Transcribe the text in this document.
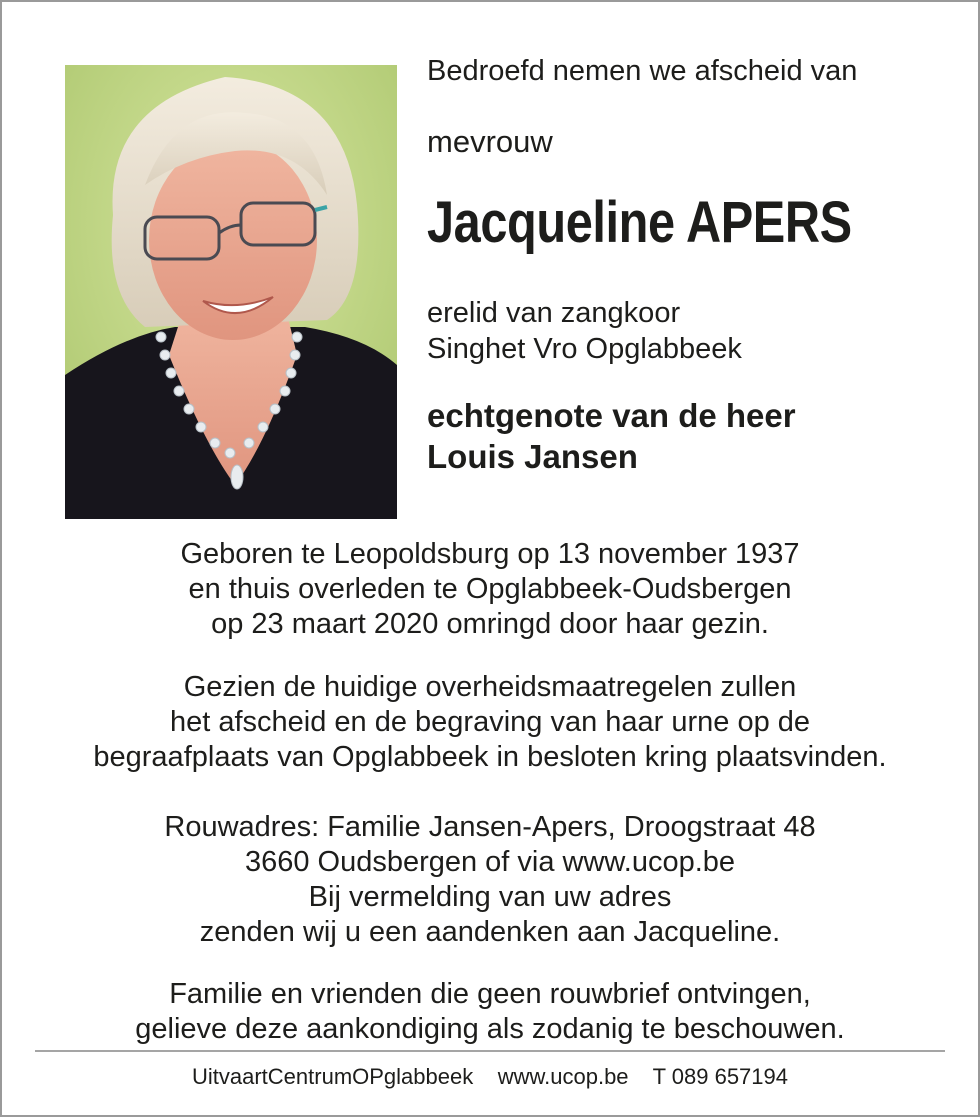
Bedroefd nemen we afscheid van

mevrouw

Jacqueline APERS

erelid van zangkoor
Singhet Vro Opglabbeek
echtgenote van de heer
Louis Jansen

Geboren te Leopoldsburg op 13 november 1937

en thuis overleden te Opglabbeek-Oudsbergen

op 23 maart 2020 omringd door haar gezin.

Gezien de huidige overheidsmaatregelen zullen

het afscheid en de begraving van haar urne op de

begraafplaats van Opglabbeek in besloten kring plaatsvinden.

Rouwadres: Familie Jansen-Apers, Droogstraat 48

3660 Oudsbergen of via www.ucop.be

Bij vermelding van uw adres

zenden wij u een aandenken aan Jacqueline.

Familie en vrienden die geen rouwbrief ontvingen,

gelieve deze aankondiging als zodanig te beschouwen.

UitvaartCentrumOPglabbeek www.ucop.be T 089 657194
